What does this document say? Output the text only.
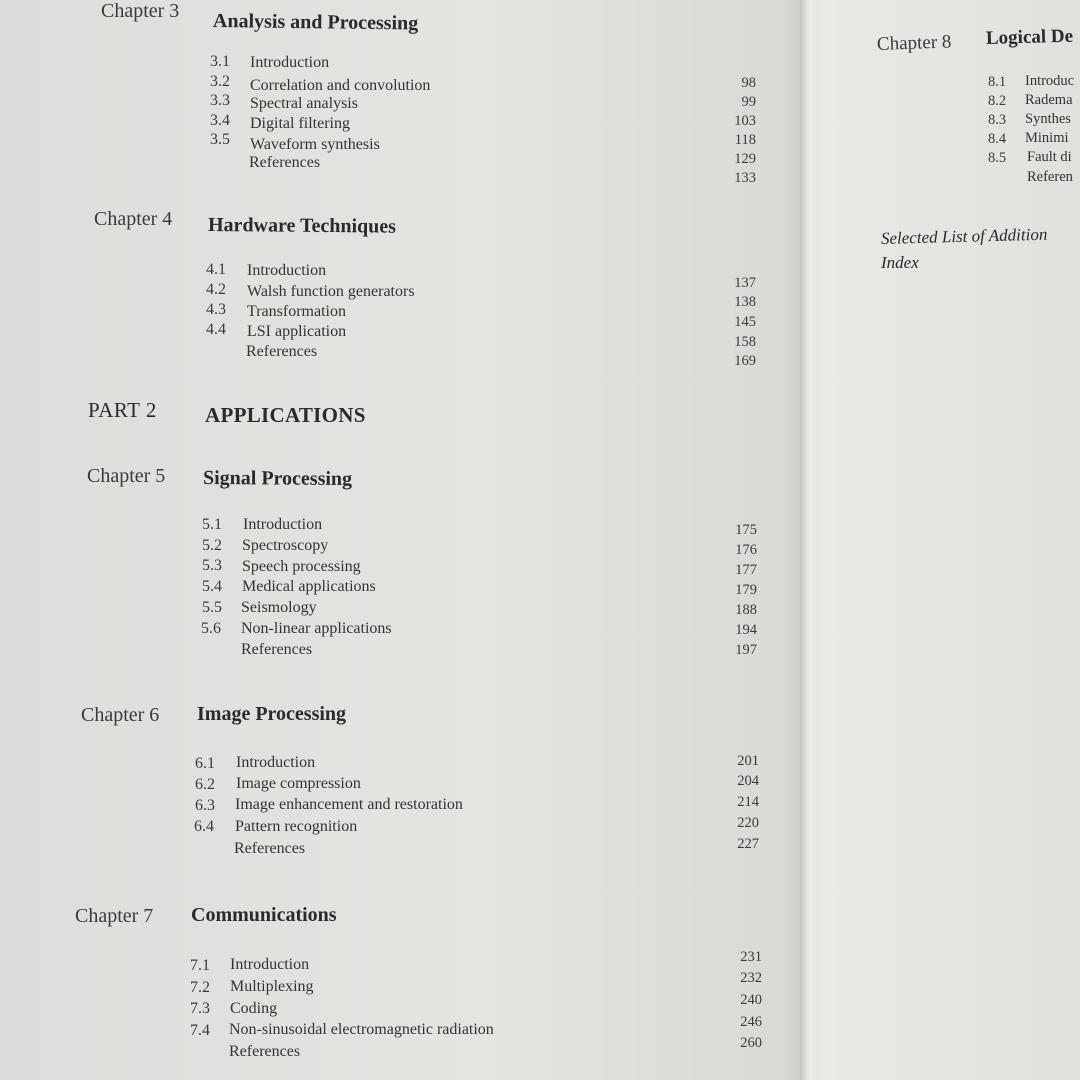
Chapter 3 Analysis and Processing
3.1 Introduction
3.2 Correlation and convolution
3.3 Spectral analysis
3.4 Digital filtering
3.5 Waveform synthesis
References
98
99
103
118
129
133
Chapter 4 Hardware Techniques
4.1 Introduction
4.2 Walsh function generators
4.3 Transformation
4.4 LSI application
References
137
138
145
158
169
PART 2 APPLICATIONS
Chapter 5 Signal Processing
5.1 Introduction
5.2 Spectroscopy
5.3 Speech processing
5.4 Medical applications
5.5 Seismology
5.6 Non-linear applications
References
175
176
177
179
188
194
197
Chapter 6 Image Processing
6.1 Introduction
6.2 Image compression
6.3 Image enhancement and restoration
6.4 Pattern recognition
References
201
204
214
220
227
Chapter 7 Communications
7.1 Introduction
7.2 Multiplexing
7.3 Coding
7.4 Non-sinusoidal electromagnetic radiation
References
231
232
240
246
260
Chapter 8 Logical De
8.1 Introduc
8.2 Radema
8.3 Synthes
8.4 Minimi
8.5 Fault di
Referen
Selected List of Addition
Index
